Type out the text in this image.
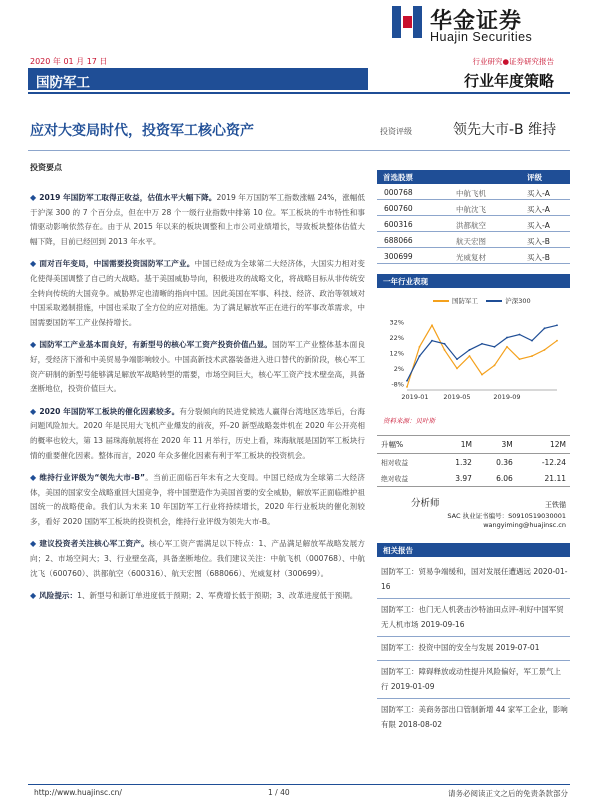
华金证券
Huajin Securities
2020 年 01 月 17 日	行业研究●证券研究报告
国防军工	行业年度策略
应对大变局时代，投资军工核心资产	投资评级	领先大市-B 维持
投资要点
◆ 2019 年国防军工取得正收益，估值水平大幅下降。2019 年万国防军工指数涨幅 24%，涨幅低于沪深 300 的 7 个百分点，但在中万 28 个一级行业指数中排第 10 位。军工板块的牛市特性和事情驱动影响依然存在。由于从 2015 年以来的板块调整和上市公司业绩增长，导致板块整体估值大幅下降，目前已经回到 2013 年水平。
◆ 面对百年变局，中国需要投资国防军工产业。中国已经成为全球第二大经济体，大国实力相对变化使得美国调整了自己的大战略。基于美国威胁导向，积极进攻的战略文化，将战略目标从非传统安全转向传统的大国竞争。威胁界定也清晰的指向中国。因此美国在军事、科技、经济、政治等领域对中国采取遏制措施，中国也采取了全方位的应对措施。为了满足解放军正在进行的军事改革需求，中国需要国防军工产业保持增长。
◆ 国防军工产业基本面良好，有新型号的核心军工资产投资价值凸显。国防军工产业整体基本面良好，受经济下滑和中美贸易争端影响较小。中国高新技术武器装备进入进口替代的新阶段，核心军工资产研制的新型号能够满足解放军战略转型的需要，市场空间巨大，核心军工资产技术壁垒高，具备垄断地位，投资价值巨大。
◆ 2020 年国防军工板块的催化因素较多。有分裂倾向的民进党候选人赢得台湾地区选举后，台海问题风险加大。2020 年是民用大飞机产业爆发的前夜，歼-20 新型战略轰炸机在 2020 年公开亮相的概率也较大，第 13 届珠海航展将在 2020 年 11 月举行，历史上看，珠海航展是国防军工板块行情的重要催化因素。整体而言，2020 年众多催化因素有利于军工板块的投资机会。
◆ 维持行业评级为“领先大市-B”。当前正面临百年未有之大变局。中国已经成为全球第二大经济体，美国的国家安全战略重回大国竞争，将中国塑造作为美国首要的安全威胁，解放军正面临维护祖国统一的战略使命。我们认为未来 10 年国防军工行业将持续增长，2020 年行业板块的催化剂较多，看好 2020 国防军工板块的投资机会，维持行业评级为领先大市-B。
◆ 建议投资者关注核心军工资产。核心军工资产需满足以下特点：1、产品满足解放军战略发展方向；2、市场空间大；3、行业壁垒高，具备垄断地位。我们建议关注：中航飞机（000768）、中航沈飞（600760）、洪都航空（600316）、航天宏图（688066）、光威复材（300699）。
◆ 风险提示：1、新型号和新订单进度低于预期；2、军费增长低于预期；3、改革进度低于预期。
首选股票	评级
000768	中航飞机	买入-A
600760	中航沈飞	买入-A
600316	洪都航空	买入-A
688066	航天宏图	买入-B
300699	光威复材	买入-B
一年行业表现
32%
22%
12%
2%
-8%
2019-01 2019-05	2019-09
国防军工	沪深300
资料来源：贝叶斯
升幅%	1M	3M	12M
相对收益	1.32	0.36	-12.24
绝对收益	3.97	6.06	21.11
分析师	王铁锚
SAC 执业证书编号：S0910519030001
wangyiming@huajinsc.cn
相关报告
国防军工：贸易争端缓和，国对发展任遭遇远 2020-01-16
国防军工：也门无人机袭击沙特油田点评-利好中国军贸无人机市场 2019-09-16
国防军工：投资中国的安全与发展 2019-07-01
国防军工：障碍释放或动性提升风险偏好，军工景气上行 2019-01-09
国防军工：美商务部出口管制新增 44 家军工企业，影响有限 2018-08-02
http://www.huajinsc.cn/	1 / 40	请务必阅读正文之后的免责条款部分
